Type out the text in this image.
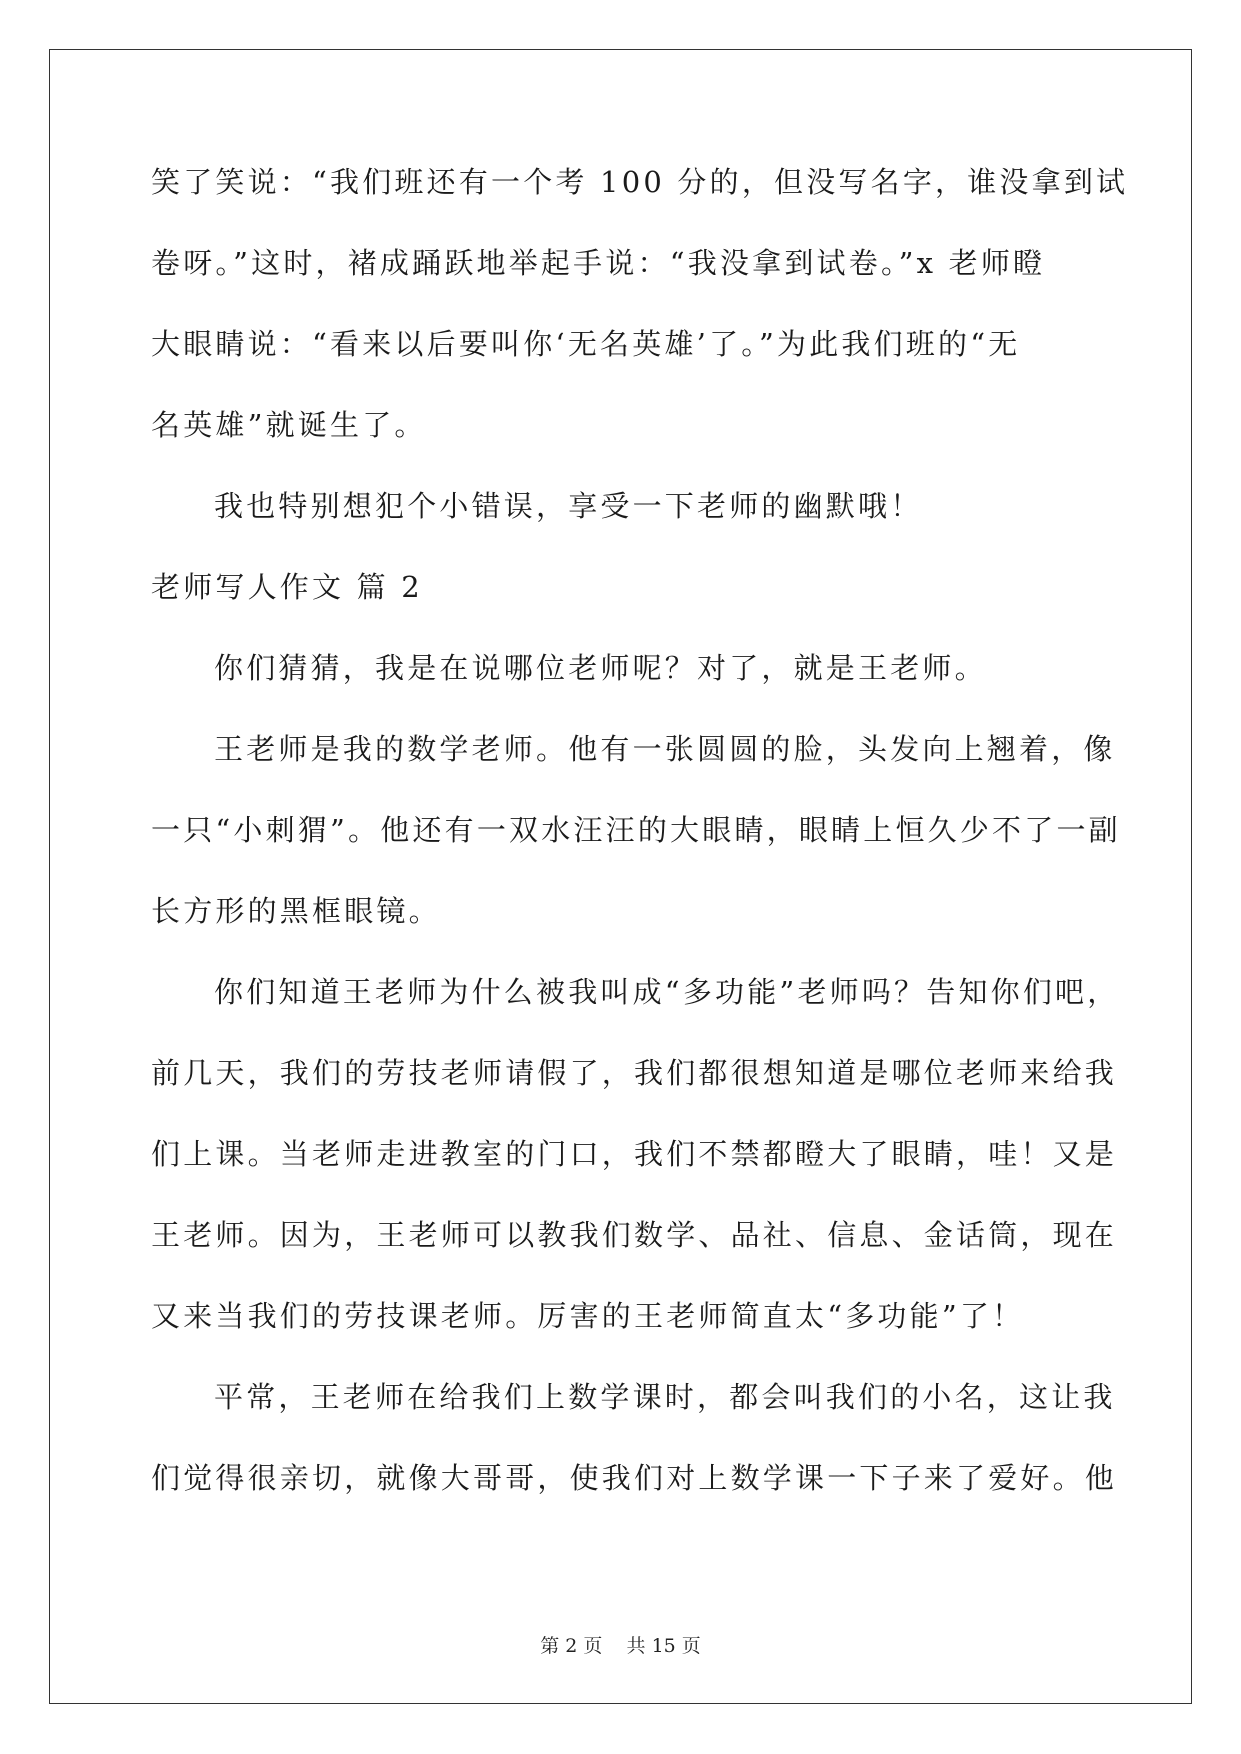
笑了笑说：“我们班还有一个考 100 分的，但没写名字，谁没拿到试
卷呀。”这时，褚成踊跃地举起手说：“我没拿到试卷。”x 老师瞪
大眼睛说：“看来以后要叫你‘无名英雄’了。”为此我们班的“无
名英雄”就诞生了。
我也特别想犯个小错误，享受一下老师的幽默哦！
老师写人作文 篇 2
你们猜猜，我是在说哪位老师呢？对了，就是王老师。
王老师是我的数学老师。他有一张圆圆的脸，头发向上翘着，像
一只“小刺猬”。他还有一双水汪汪的大眼睛，眼睛上恒久少不了一副
长方形的黑框眼镜。
你们知道王老师为什么被我叫成“多功能”老师吗？告知你们吧，
前几天，我们的劳技老师请假了，我们都很想知道是哪位老师来给我
们上课。当老师走进教室的门口，我们不禁都瞪大了眼睛，哇！又是
王老师。因为，王老师可以教我们数学、品社、信息、金话筒，现在
又来当我们的劳技课老师。厉害的王老师简直太“多功能”了！
平常，王老师在给我们上数学课时，都会叫我们的小名，这让我
们觉得很亲切，就像大哥哥，使我们对上数学课一下子来了爱好。他
第 2 页 共 15 页
